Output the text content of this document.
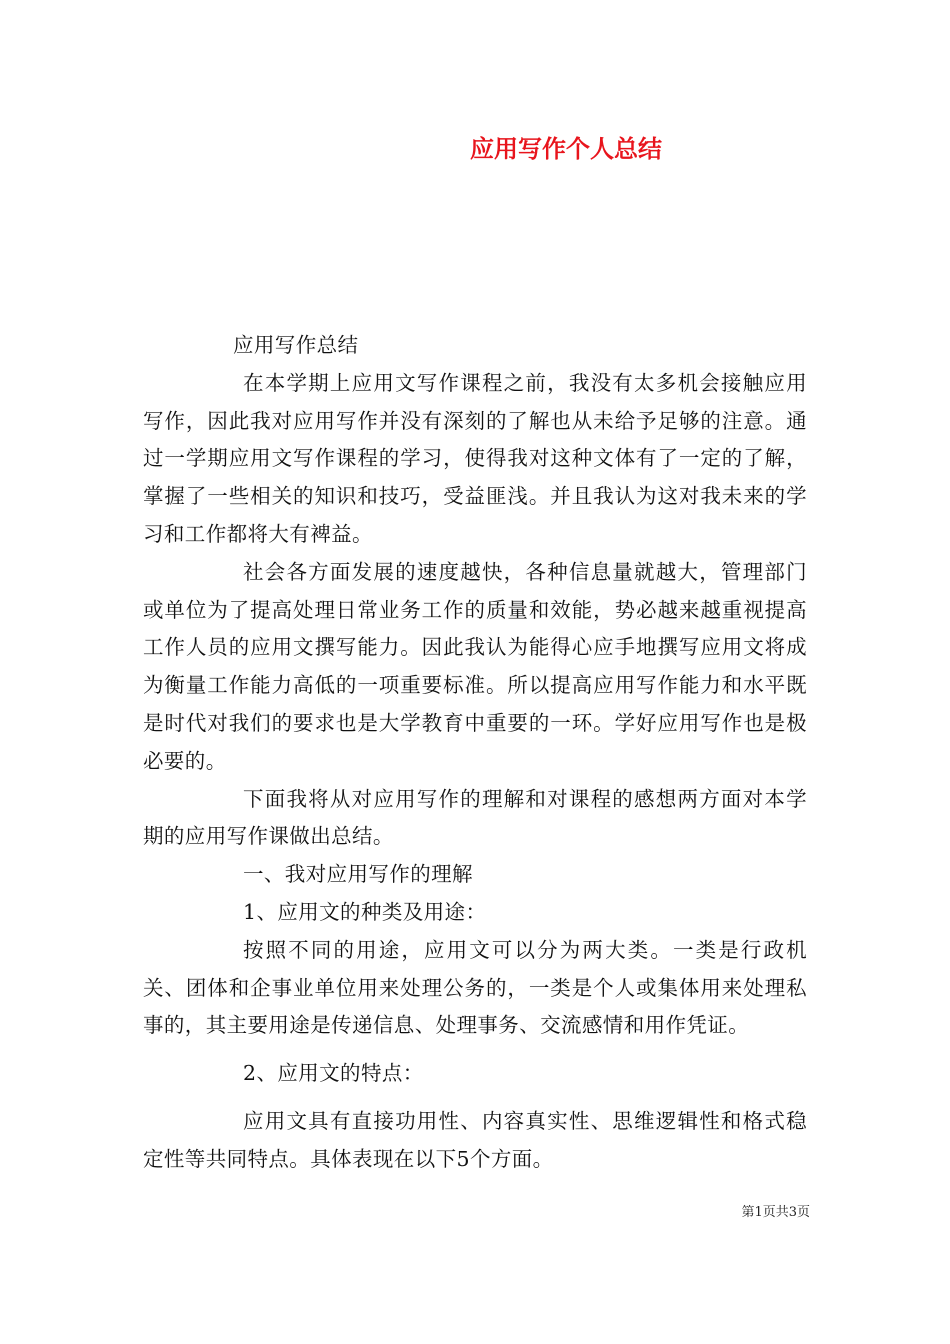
应用写作个人总结

应用写作总结

在本学期上应用文写作课程之前，我没有太多机会接触应用写作，因此我对应用写作并没有深刻的了解也从未给予足够的注意。通过一学期应用文写作课程的学习，使得我对这种文体有了一定的了解，掌握了一些相关的知识和技巧，受益匪浅。并且我认为这对我未来的学习和工作都将大有裨益。

社会各方面发展的速度越快，各种信息量就越大，管理部门或单位为了提高处理日常业务工作的质量和效能，势必越来越重视提高工作人员的应用文撰写能力。因此我认为能得心应手地撰写应用文将成为衡量工作能力高低的一项重要标准。所以提高应用写作能力和水平既是时代对我们的要求也是大学教育中重要的一环。学好应用写作也是极必要的。

下面我将从对应用写作的理解和对课程的感想两方面对本学期的应用写作课做出总结。

一、我对应用写作的理解

1、应用文的种类及用途：

按照不同的用途，应用文可以分为两大类。一类是行政机关、团体和企事业单位用来处理公务的，一类是个人或集体用来处理私事的，其主要用途是传递信息、处理事务、交流感情和用作凭证。

2、应用文的特点：

应用文具有直接功用性、内容真实性、思维逻辑性和格式稳定性等共同特点。具体表现在以下5个方面。

第1页共3页
